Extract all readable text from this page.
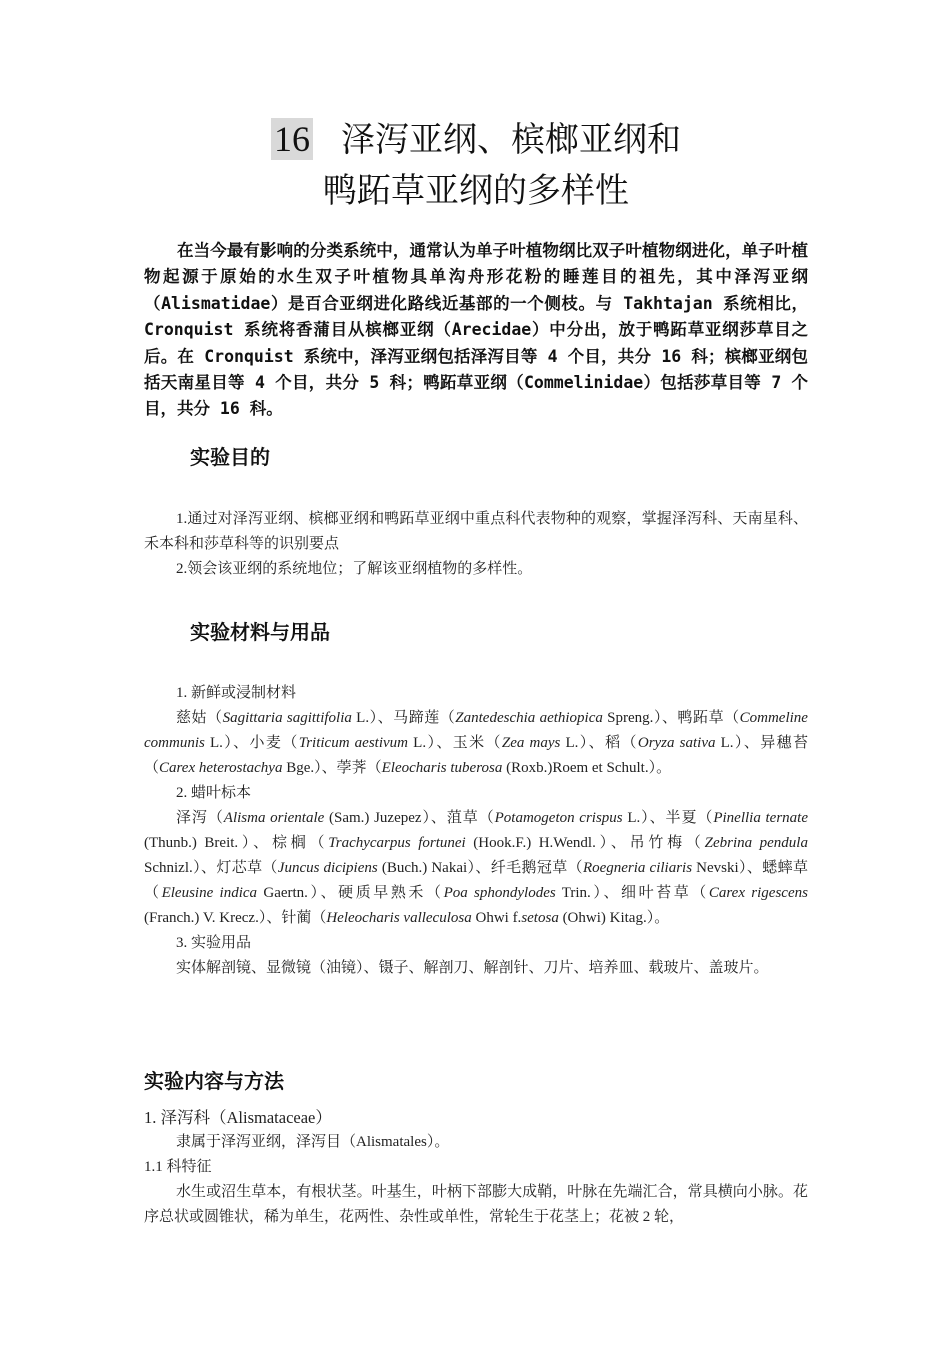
16 泽泻亚纲、槟榔亚纲和
鸭跖草亚纲的多样性

在当今最有影响的分类系统中，通常认为单子叶植物纲比双子叶植物纲进化，单子叶植物起源于原始的水生双子叶植物具单沟舟形花粉的睡莲目的祖先，其中泽泻亚纲（Alismatidae）是百合亚纲进化路线近基部的一个侧枝。与 Takhtajan 系统相比，Cronquist 系统将香蒲目从槟榔亚纲（Arecidae）中分出，放于鸭跖草亚纲莎草目之后。在 Cronquist 系统中，泽泻亚纲包括泽泻目等 4 个目，共分 16 科；槟榔亚纲包括天南星目等 4 个目，共分 5 科；鸭跖草亚纲（Commelinidae）包括莎草目等 7 个目，共分 16 科。

实验目的

1.通过对泽泻亚纲、槟榔亚纲和鸭跖草亚纲中重点科代表物种的观察，掌握泽泻科、天南星科、禾本科和莎草科等的识别要点

2.领会该亚纲的系统地位；了解该亚纲植物的多样性。

实验材料与用品

1. 新鲜或浸制材料

慈姑（Sagittaria sagittifolia L.）、马蹄莲（Zantedeschia aethiopica Spreng.）、鸭跖草（Commeline communis L.）、小麦（Triticum aestivum L.）、玉米（Zea mays L.）、稻（Oryza sativa L.）、异穗苔（Carex heterostachya Bge.）、荸荠（Eleocharis tuberosa (Roxb.)Roem et Schult.）。

2. 蜡叶标本

泽泻（Alisma orientale (Sam.) Juzepez）、菹草（Potamogeton crispus L.）、半夏（Pinellia ternate (Thunb.) Breit.）、棕榈（Trachycarpus fortunei (Hook.F.) H.Wendl.）、吊竹梅（Zebrina pendula Schnizl.）、灯芯草（Juncus dicipiens (Buch.) Nakai）、纤毛鹅冠草（Roegneria ciliaris Nevski）、蟋蟀草（Eleusine indica Gaertn.）、硬质早熟禾（Poa sphondylodes Trin.）、细叶苔草（Carex rigescens (Franch.) V. Krecz.）、针蔺（Heleocharis valleculosa Ohwi f.setosa (Ohwi) Kitag.）。

3. 实验用品

实体解剖镜、显微镜（油镜）、镊子、解剖刀、解剖针、刀片、培养皿、载玻片、盖玻片。

实验内容与方法

1. 泽泻科（Alismataceae）

隶属于泽泻亚纲，泽泻目（Alismatales）。

1.1 科特征

水生或沼生草本，有根状茎。叶基生，叶柄下部膨大成鞘，叶脉在先端汇合，常具横向小脉。花序总状或圆锥状，稀为单生，花两性、杂性或单性，常轮生于花茎上；花被 2 轮，
